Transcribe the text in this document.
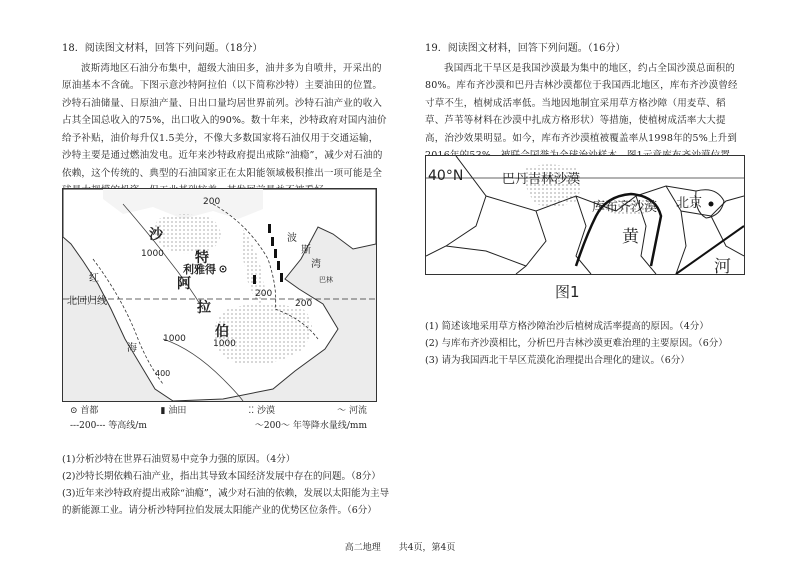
18．阅读图文材料，回答下列问题。（18分）

波斯湾地区石油分布集中，超级大油田多，油井多为自喷井，开采出的原油基本不含硫。下图示意沙特阿拉伯（以下简称沙特）主要油田的位置。沙特石油储量、日原油产量、日出口量均居世界前列。沙特石油产业的收入占其全国总收入的75%，出口收入的90%。数十年来，沙特政府对国内油价给予补贴，油价每升仅1.5美分，不像大多数国家将石油仅用于交通运输，沙特主要是通过燃油发电。近年来沙特政府提出戒除“油瘾”，减少对石油的依赖，这个传统的、典型的石油国家正在太阳能领域极积推出一项可能是全

沙
特
阿
拉
伯
利雅得
波
斯
湾
北回归线
红
海
200
200
200
1000
1000
1000
400
巴林
⊙ 首都	▮ 油田	⁚⁚ 沙漠	〜 河流
---200--- 等高线/m	～200～ 年等降水量线/mm

(1)分析沙特在世界石油贸易中竞争力强的原因。（4分）

(2)沙特长期依赖石油产业，指出其导致本国经济发展中存在的问题。（8分）

(3)近年来沙特政府提出戒除“油瘾”，减少对石油的依赖，发展以太阳能为主导的新能源工业。请分析沙特阿拉伯发展太阳能产业的优势区位条件。（6分）

19．阅读图文材料，回答下列问题。（16分）

我国西北干旱区是我国沙漠最为集中的地区，约占全国沙漠总面积的80%。库布齐沙漠和巴丹吉林沙漠都位于我国西北地区，库布齐沙漠曾经寸草不生，植树成活率低。当地因地制宜采用草方格沙障（用麦草、稻草、芦苇等材料在沙漠中扎成方格形状）等措施，使植树成活率大大提高，治沙效果明显。如今，库布齐沙漠植被覆盖率从1998年的5%上升到

40°N	巴丹吉林沙漠
库布齐沙漠 北京
黄
河
图1

(1) 简述该地采用草方格沙障治沙后植树成活率提高的原因。（4分）

(2) 与库布齐沙漠相比，分析巴丹吉林沙漠更难治理的主要原因。（6分）

(3) 请为我国西北干旱区荒漠化治理提出合理化的建议。（6分）

高二地理　　共4页，第4页
